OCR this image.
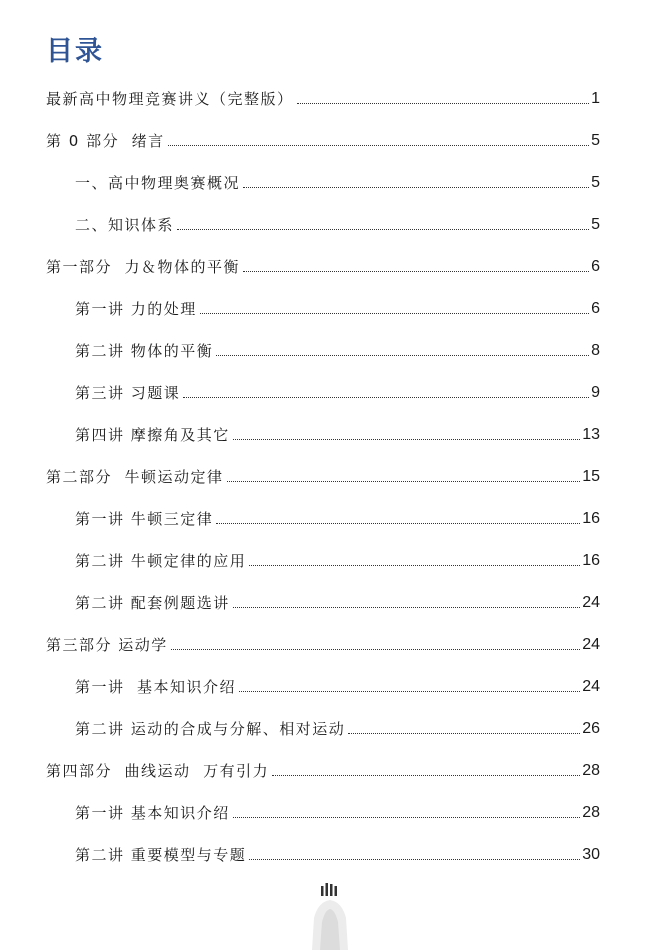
目录
最新高中物理竞赛讲义（完整版）	1
第 0 部分  绪言	5
一、高中物理奥赛概况	5
二、知识体系	5
第一部分  力＆物体的平衡	6
第一讲 力的处理	6
第二讲 物体的平衡	8
第三讲 习题课	9
第四讲 摩擦角及其它	13
第二部分  牛顿运动定律	15
第一讲 牛顿三定律	16
第二讲 牛顿定律的应用	16
第二讲 配套例题选讲	24
第三部分 运动学	24
第一讲  基本知识介绍	24
第二讲 运动的合成与分解、相对运动	26
第四部分  曲线运动  万有引力	28
第一讲 基本知识介绍	28
第二讲 重要模型与专题	30
